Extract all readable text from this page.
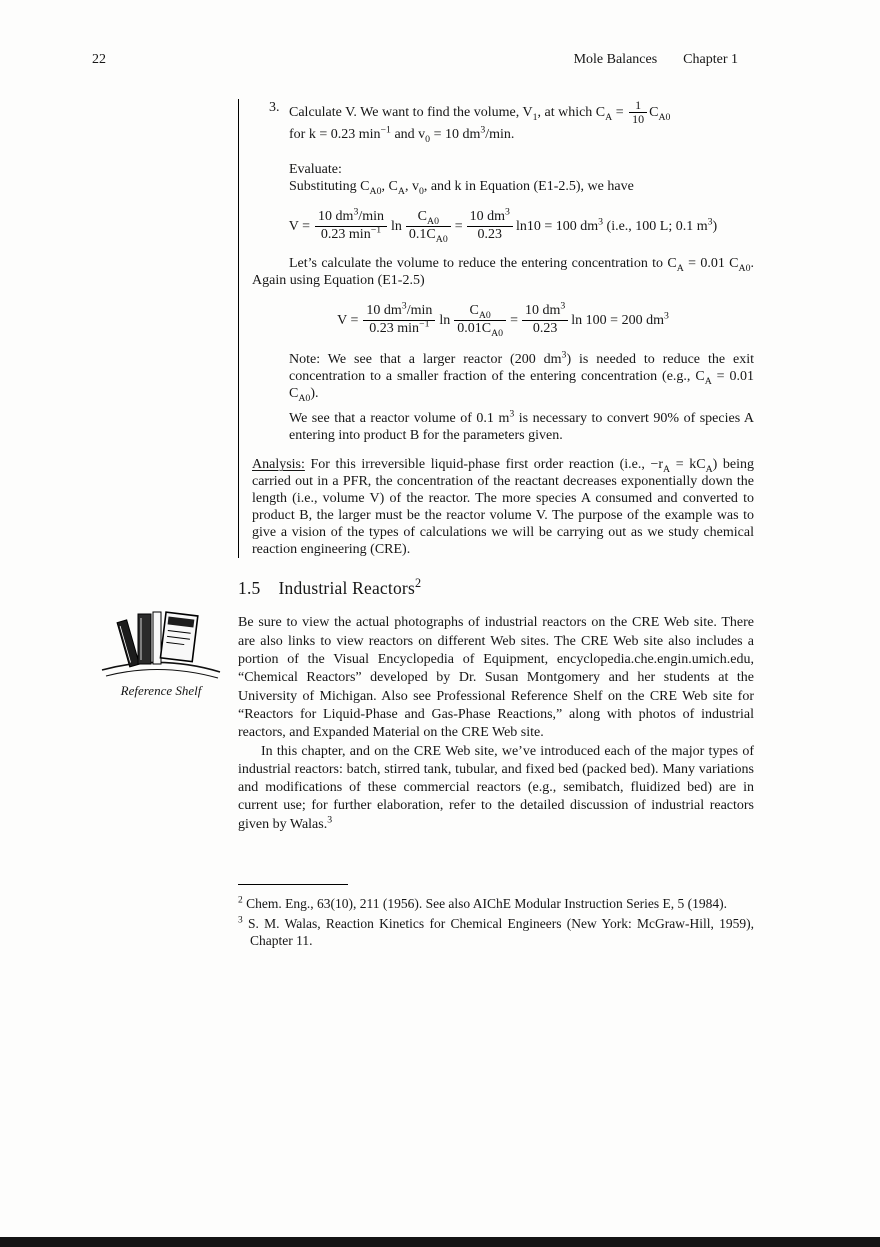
22	Mole Balances Chapter 1
3. Calculate V. We want to find the volume, $V_1$, at which $C_A = \frac{1}{10} C_{A0}$
for k = 0.23 $\min^{-1}$ and $v_0 = 10$ $dm^3/\min$.
Evaluate:
Substituting $C_{A0}$, $C_A$, $v_0$, and k in Equation (E1-2.5), we have
$V = \frac{10 dm^3/\min}{0.23 \min^{-1}}$ $\ln \frac{C_{A0}}{0.1C_{A0}} = \frac{10 dm^3}{0.23} \ln 10 = 100$ $dm^3$ (i.e., 100 L; 0.1 $m^3$)
Let’s calculate the volume to reduce the entering concentration to $C_A = 0.01$ $C_{A0}$. Again using Equation (E1-2.5)
$V = \frac{10 dm^3/\min}{0.23 \min^{-1}}$ $\ln \frac{C_{A0}}{0.01C_{A0}} = \frac{10 dm^3}{0.23}$ ln 100 = 200 $dm^3$
Note: We see that a larger reactor (200 $dm^3$) is needed to reduce the exit concentration to a smaller fraction of the entering concentration (e.g., $C_A = 0.01$ $C_{A0}$).
We see that a reactor volume of 0.1 $m^3$ is necessary to convert 90% of species A entering into product B for the parameters given.
Analysis: For this irreversible liquid-phase first order reaction (i.e., $-r_A = kC_A$) being carried out in a PFR, the concentration of the reactant decreases exponentially down the length (i.e., volume V) of the reactor. The more species A consumed and converted to product B, the larger must be the reactor volume V. The purpose of the example was to give a vision of the types of calculations we will be carrying out as we study chemical reaction engineering (CRE).
1.5 Industrial Reactors$^2$

Be sure to view the actual photographs of industrial reactors on the CRE Web site. There are also links to view reactors on different Web sites. The CRE Web site also includes a portion of the Visual Encyclopedia of Equipment, encyclopedia.che.engin.umich.edu, “Chemical Reactors” developed by Dr. Susan Montgomery and her students at the University of Michigan. Also see Professional Reference Shelf on the CRE Web site for “Reactors for Liquid-Phase and Gas-Phase Reactions,” along with photos of industrial reactors, and Expanded Material on the CRE Web site.

In this chapter, and on the CRE Web site, we’ve introduced each of the major types of industrial reactors: batch, stirred tank, tubular, and fixed bed (packed bed). Many variations and modifications of these commercial reactors (e.g., semibatch, fluidized bed) are in current use; for further elaboration, refer to the detailed discussion of industrial reactors given by Walas.$^3$

Reference Shelf
$^2$ Chem. Eng., 63(10), 211 (1956). See also AIChE Modular Instruction Series E, 5 (1984).
$^3$ S. M. Walas, Reaction Kinetics for Chemical Engineers (New York: McGraw-Hill, 1959), Chapter 11.
